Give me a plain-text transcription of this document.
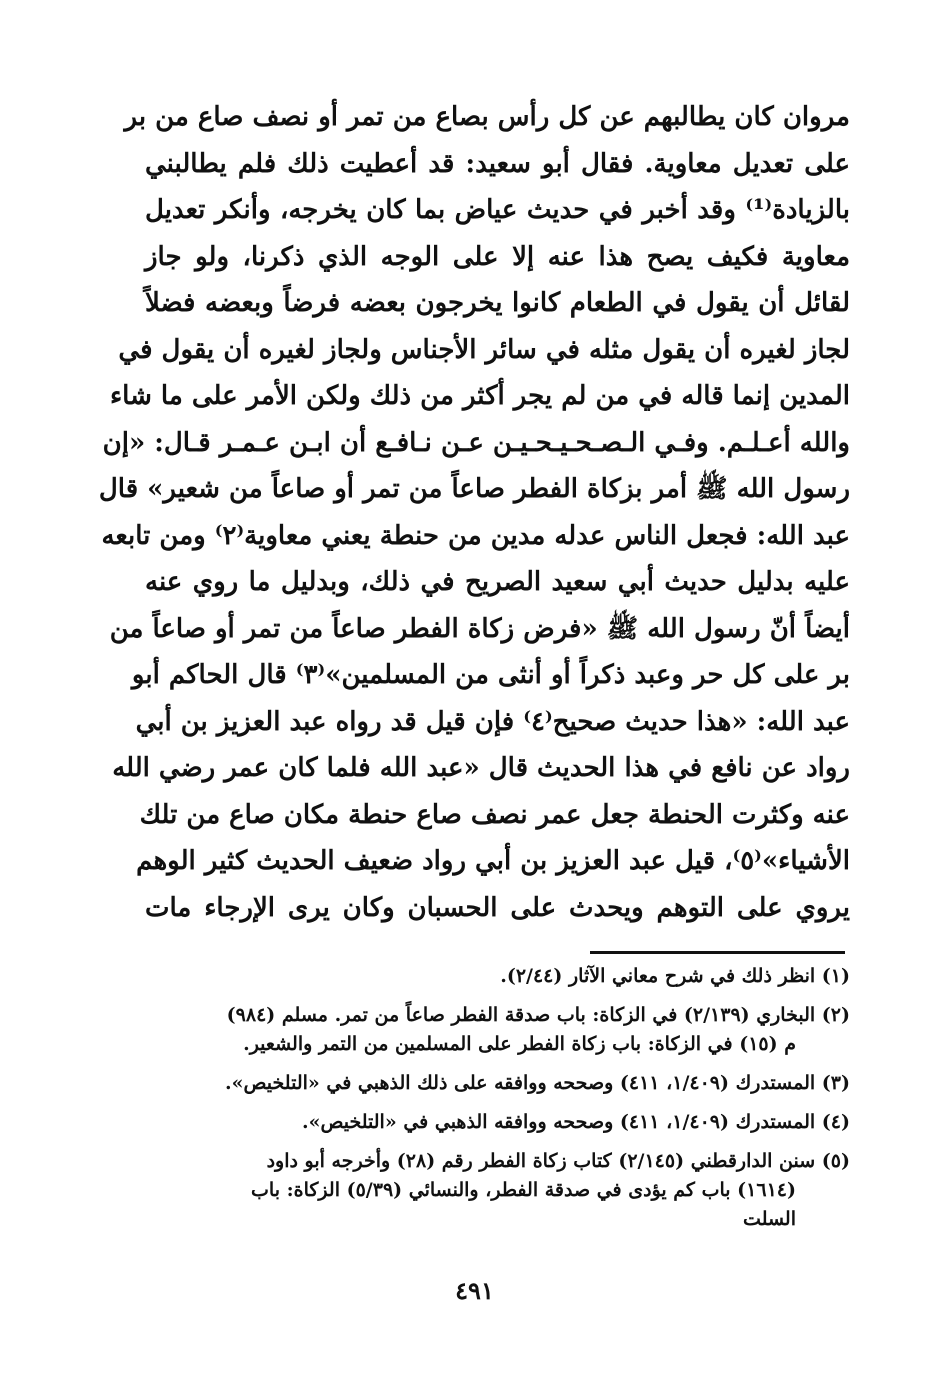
مروان كان يطالبهم عن كل رأس بصاع من تمر أو نصف صاع من بر
على تعديل معاوية. فقال أبو سعيد: قد أعطيت ذلك فلم يطالبني
بالزيادة⁽¹⁾ وقد أخبر في حديث عياض بما كان يخرجه، وأنكر تعديل
معاوية فكيف يصح هذا عنه إلا على الوجه الذي ذكرنا، ولو جاز
لقائل أن يقول في الطعام كانوا يخرجون بعضه فرضاً وبعضه فضلاً
لجاز لغيره أن يقول مثله في سائر الأجناس ولجاز لغيره أن يقول في
المدين إنما قاله في من لم يجر أكثر من ذلك ولكن الأمر على ما شاء
والله أعـلـم. وفـي الـصـحـيـحـيـن عـن نـافـع أن ابـن عـمـر قـال: «إن
رسول الله ﷺ أمر بزكاة الفطر صاعاً من تمر أو صاعاً من شعير» قال
عبد الله: فجعل الناس عدله مدين من حنطة يعني معاوية⁽٢⁾ ومن تابعه
عليه بدليل حديث أبي سعيد الصريح في ذلك، وبدليل ما روي عنه
أيضاً أنّ رسول الله ﷺ «فرض زكاة الفطر صاعاً من تمر أو صاعاً من
بر على كل حر وعبد ذكراً أو أنثى من المسلمين»⁽٣⁾ قال الحاكم أبو
عبد الله: «هذا حديث صحيح⁽٤⁾ فإن قيل قد رواه عبد العزيز بن أبي
رواد عن نافع في هذا الحديث قال «عبد الله فلما كان عمر رضي الله
عنه وكثرت الحنطة جعل عمر نصف صاع حنطة مكان صاع من تلك
الأشياء»⁽٥⁾، قيل عبد العزيز بن أبي رواد ضعيف الحديث كثير الوهم
يروي على التوهم ويحدث على الحسبان وكان يرى الإرجاء مات
(١) انظر ذلك في شرح معاني الآثار (٢/٤٤).
(٢) البخاري (٢/١٣٩) في الزكاة: باب صدقة الفطر صاعاً من تمر. مسلم (٩٨٤)
م (١٥) في الزكاة: باب زكاة الفطر على المسلمين من التمر والشعير.
(٣) المستدرك (١/٤٠٩، ٤١١) وصححه ووافقه على ذلك الذهبي في «التلخيص».
(٤) المستدرك (١/٤٠٩، ٤١١) وصححه ووافقه الذهبي في «التلخيص».
(٥) سنن الدارقطني (٢/١٤٥) كتاب زكاة الفطر رقم (٢٨) وأخرجه أبو داود
(١٦١٤) باب كم يؤدى في صدقة الفطر، والنسائي (٥/٣٩) الزكاة: باب
السلت
٤٩١
